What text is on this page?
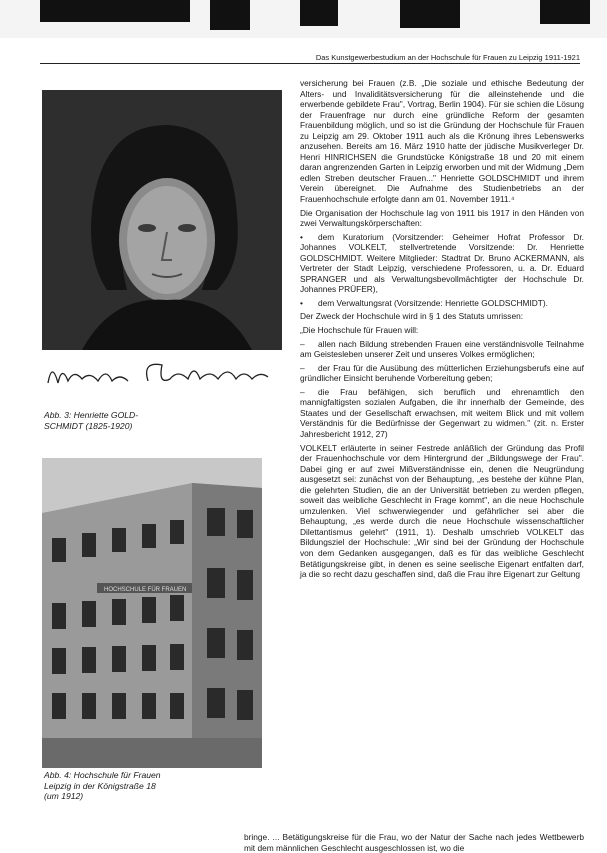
Das Kunstgewerbestudium an der Hochschule für Frauen zu Leipzig 1911-1921
Abb. 3: Henriette GOLD-
SCHMIDT (1825-1920)
HOCHSCHULE FÜR FRAUEN
Abb. 4: Hochschule für Frauen
Leipzig in der Königstraße 18
(um 1912)

versicherung bei Frauen (z.B. „Die soziale und ethische Bedeutung der Alters- und Invaliditätsversicherung für die alleinstehende und die erwerbende gebildete Frau", Vortrag, Berlin 1904). Für sie schien die Lösung der Frauenfrage nur durch eine gründliche Reform der gesamten Frauenbildung möglich, und so ist die Gründung der Hochschule für Frauen zu Leipzig am 29. Oktober 1911 auch als die Krönung ihres Lebenswerks anzusehen. Bereits am 16. März 1910 hatte der jüdische Musikverleger Dr. Henri HINRICHSEN die Grundstücke Königstraße 18 und 20 mit einem daran angrenzenden Garten in Leipzig erworben und mit der Widmung „Dem edlen Streben deutscher Frauen..." Henriette GOLDSCHMIDT und ihrem Verein übereignet. Die Aufnahme des Studienbetriebs an der Frauenhochschule erfolgte dann am 01. November 1911.⁴

Die Organisation der Hochschule lag von 1911 bis 1917 in den Händen von zwei Verwaltungskörperschaften:

• dem Kuratorium (Vorsitzender: Geheimer Hofrat Professor Dr. Johannes VOLKELT, stellvertretende Vorsitzende: Dr. Henriette GOLDSCHMIDT. Weitere Mitglieder: Stadtrat Dr. Bruno ACKERMANN, als Vertreter der Stadt Leipzig, verschiedene Professoren, u. a. Dr. Eduard SPRANGER und als Verwaltungsbevollmächtigter der Hochschule Dr. Johannes PRÜFER),

• dem Verwaltungsrat (Vorsitzende: Henriette GOLDSCHMIDT).

Der Zweck der Hochschule wird in § 1 des Statuts umrissen:

„Die Hochschule für Frauen will:

– allen nach Bildung strebenden Frauen eine verständnisvolle Teilnahme am Geistesleben unserer Zeit und unseres Volkes ermöglichen;

– der Frau für die Ausübung des mütterlichen Erziehungsberufs eine auf gründlicher Einsicht beruhende Vorbereitung geben;

– die Frau befähigen, sich beruflich und ehrenamtlich den mannigfaltigsten sozialen Aufgaben, die ihr innerhalb der Gemeinde, des Staates und der Gesellschaft erwachsen, mit weitem Blick und mit vollem Verständnis für die Bedürfnisse der Gegenwart zu widmen." (zit. n. Erster Jahresbericht 1912, 27)

VOLKELT erläuterte in seiner Festrede anläßlich der Gründung das Profil der Frauenhochschule vor dem Hintergrund der „Bildungswege der Frau". Dabei ging er auf zwei Mißverständnisse ein, denen die Neugründung ausgesetzt sei: zunächst von der Behauptung, „es bestehe der kühne Plan, die gelehrten Studien, die an der Universität betrieben zu werden pflegen, soweit das weibliche Geschlecht in Frage kommt", an die neue Hochschule umzulenken. Viel schwerwiegender und gefährlicher sei aber die Behauptung, „es werde durch die neue Hochschule wissenschaftlicher Dilettantismus gelehrt" (1911, 1). Deshalb umschrieb VOLKELT das Bildungsziel der Hochschule: „Wir sind bei der Gründung der Hochschule von dem Gedanken ausgegangen, daß es für das weibliche Geschlecht Betätigungskreise gibt, in denen es seine seelische Eigenart entfalten darf, ja die so recht dazu geschaffen sind, daß die Frau ihre Eigenart zur Geltung

bringe. ... Betätigungskreise für die Frau, wo der Natur der Sache nach jedes Wettbewerb mit dem männlichen Geschlecht ausgeschlossen ist, wo die
